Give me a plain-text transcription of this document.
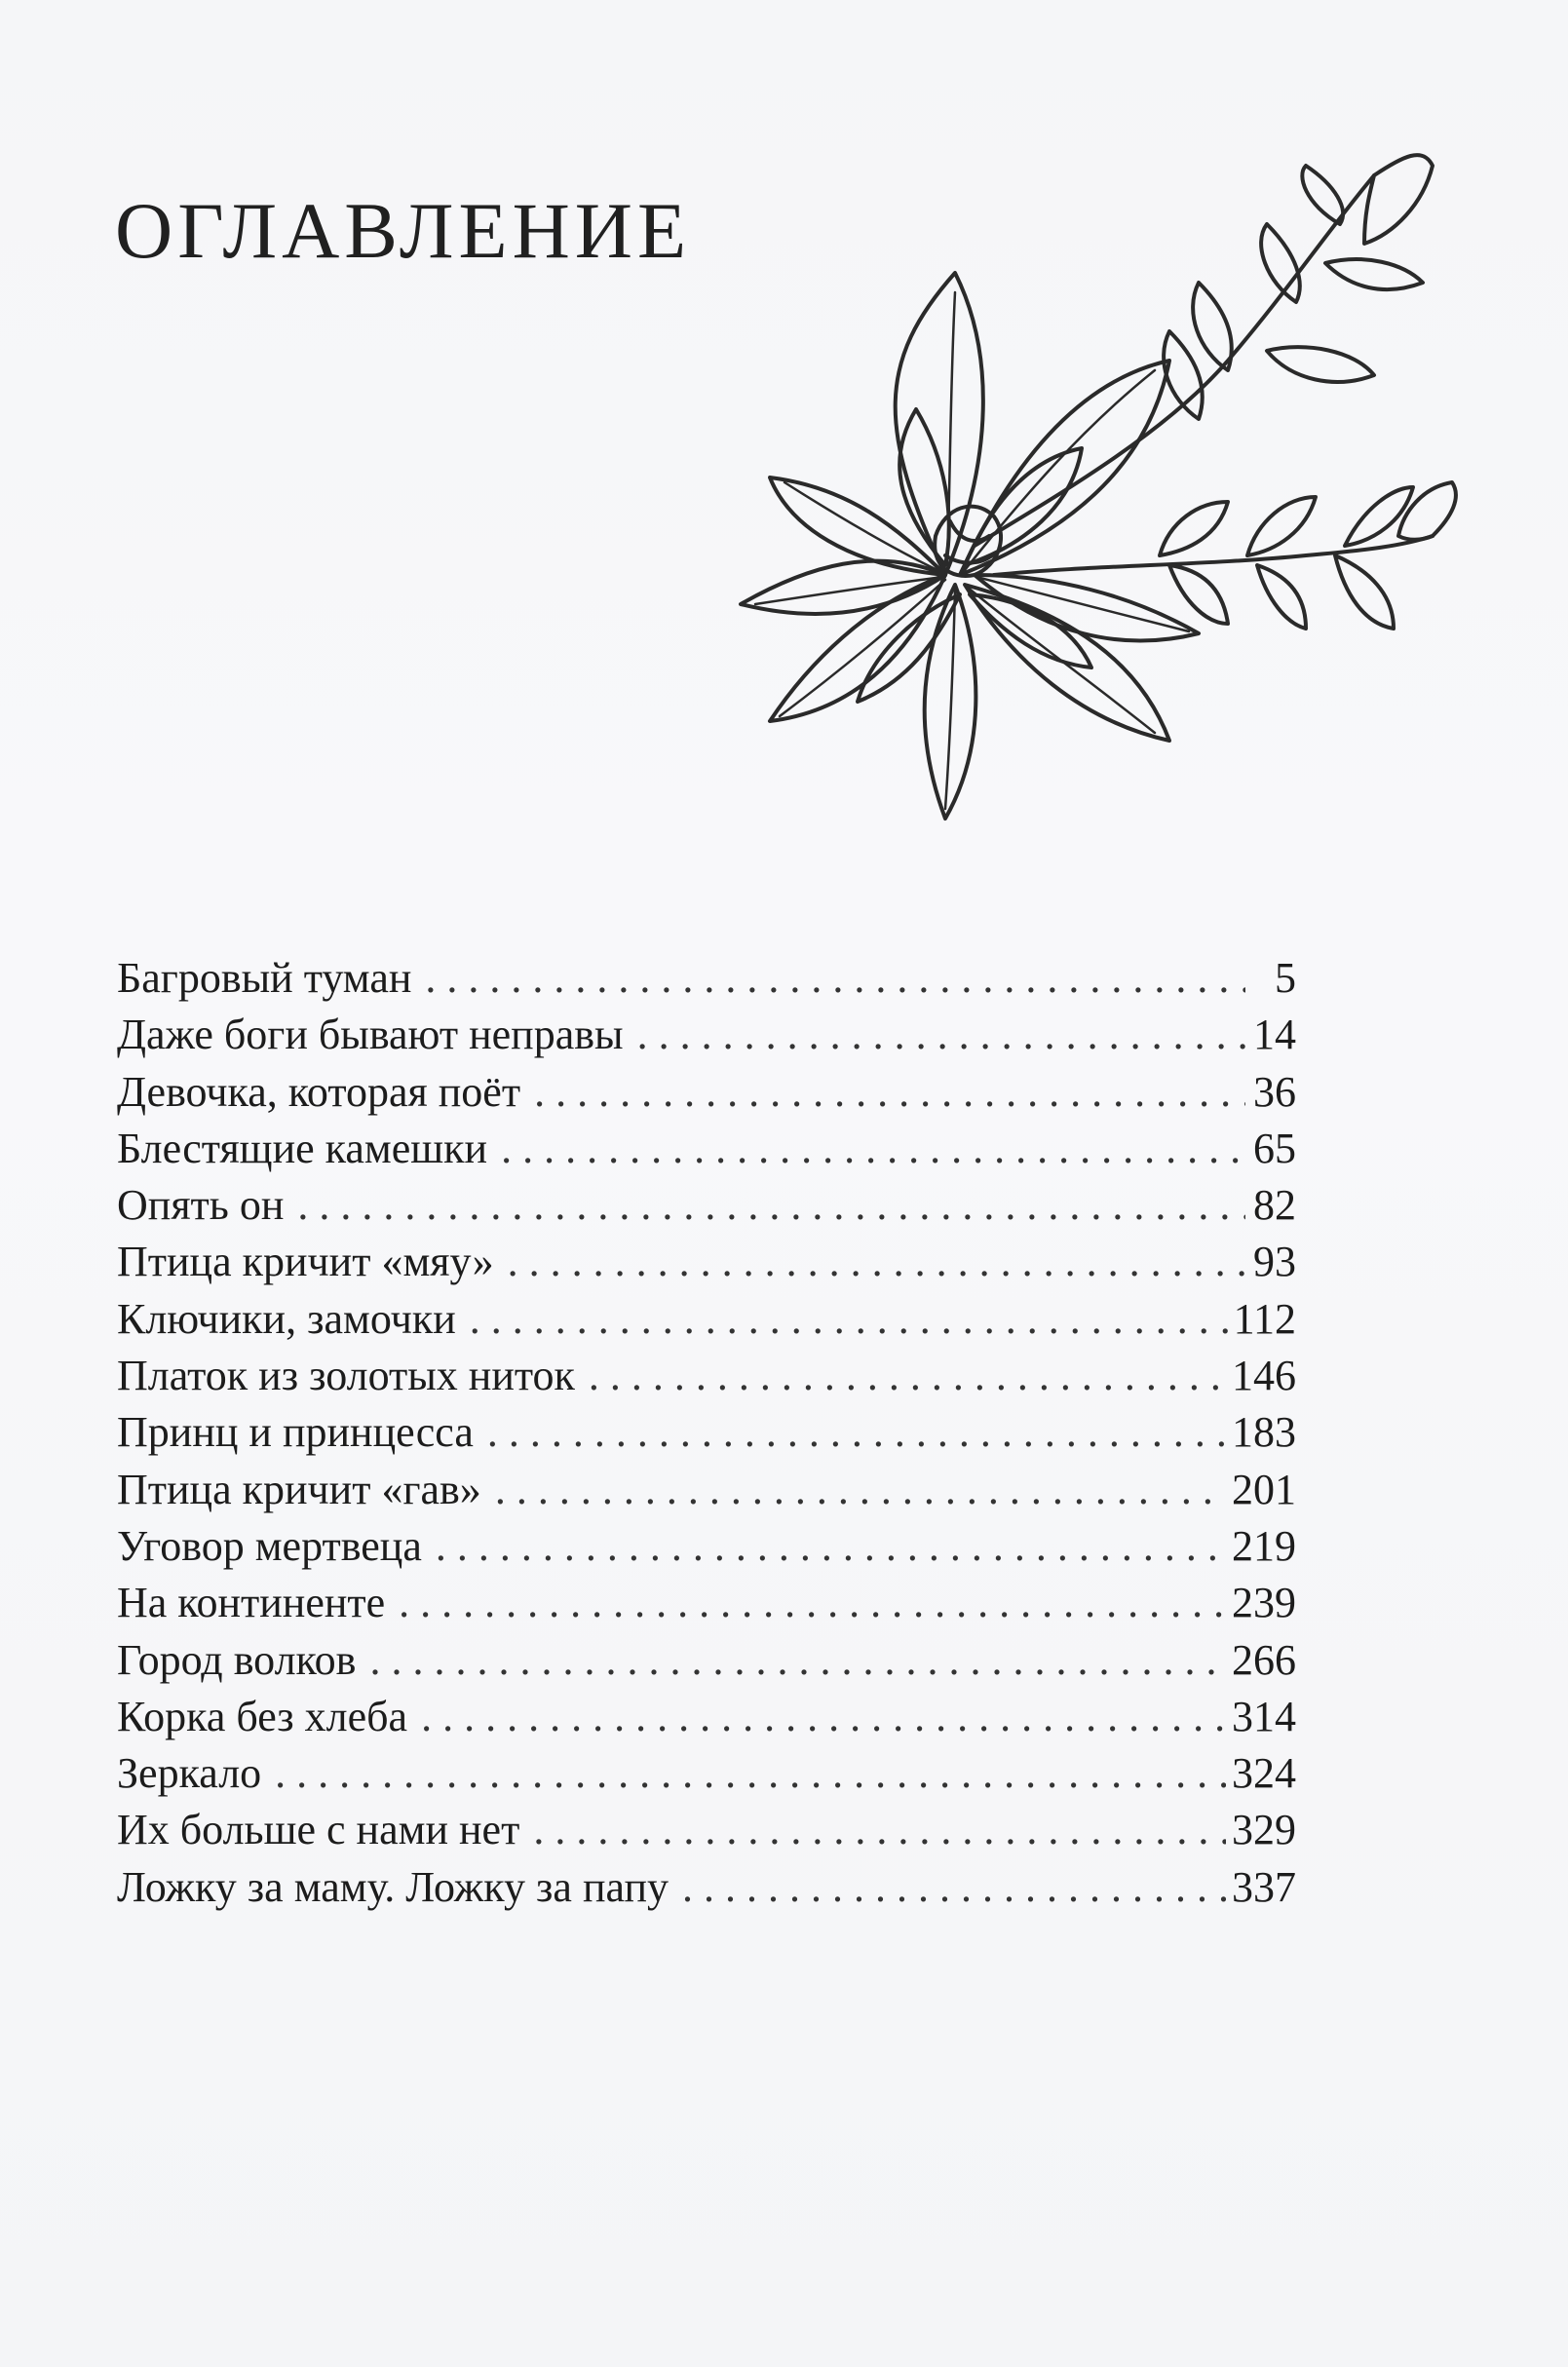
ОГЛАВЛЕНИЕ
Багровый туман . . .	5
Даже боги бывают неправы . . .	14
Девочка, которая поёт . . .	36
Блестящие камешки . . .	65
Опять он . . .	82
Птица кричит «мяу» . . .	93
Ключики, замочки . . .	112
Платок из золотых ниток . . .	146
Принц и принцесса . . .	183
Птица кричит «гав» . . .	201
Уговор мертвеца . . .	219
На континенте . . .	239
Город волков . . .	266
Корка без хлеба . . .	314
Зеркало . . .	324
Их больше с нами нет . . .	329
Ложку за маму. Ложку за папу . . .	337
